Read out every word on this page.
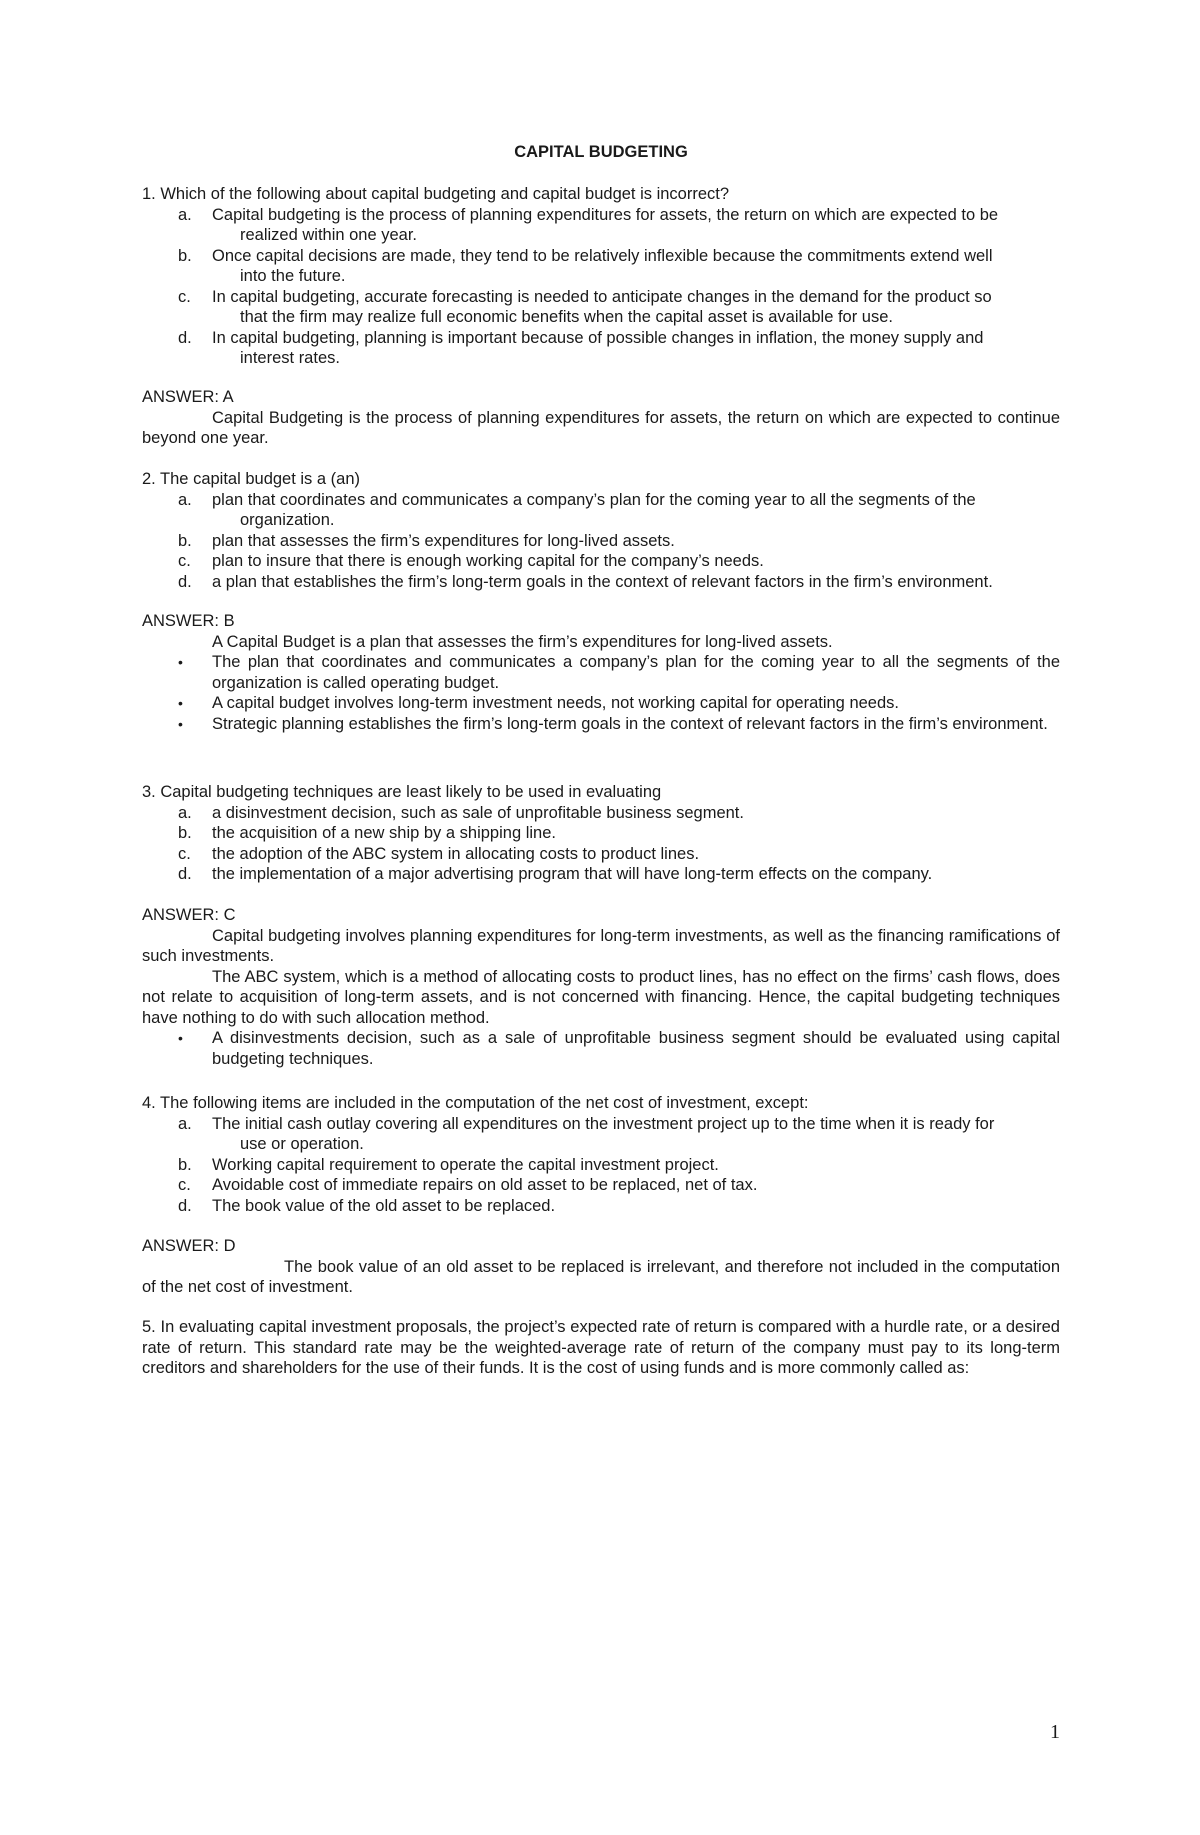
CAPITAL BUDGETING

1. Which of the following about capital budgeting and capital budget is incorrect?

a. Capital budgeting is the process of planning expenditures for assets, the return on which are expected to be
realized within one year.
b. Once capital decisions are made, they tend to be relatively inflexible because the commitments extend well
into the future.
c. In capital budgeting, accurate forecasting is needed to anticipate changes in the demand for the product so
that the firm may realize full economic benefits when the capital asset is available for use.
d. In capital budgeting, planning is important because of possible changes in inflation, the money supply and
interest rates.

ANSWER: A

Capital Budgeting is the process of planning expenditures for assets, the return on which are expected to continue beyond one year.

2. The capital budget is a (an)

a. plan that coordinates and communicates a company’s plan for the coming year to all the segments of the
organization.
b. plan that assesses the firm’s expenditures for long-lived assets.
c. plan to insure that there is enough working capital for the company’s needs.
d. a plan that establishes the firm’s long-term goals in the context of relevant factors in the firm’s environment.

ANSWER: B

A Capital Budget is a plan that assesses the firm’s expenditures for long-lived assets.

• The plan that coordinates and communicates a company’s plan for the coming year to all the segments of the organization is called operating budget.

• A capital budget involves long-term investment needs, not working capital for operating needs.

• Strategic planning establishes the firm’s long-term goals in the context of relevant factors in the firm’s environment.

3. Capital budgeting techniques are least likely to be used in evaluating

a. a disinvestment decision, such as sale of unprofitable business segment.
b. the acquisition of a new ship by a shipping line.
c. the adoption of the ABC system in allocating costs to product lines.
d. the implementation of a major advertising program that will have long-term effects on the company.

ANSWER: C

Capital budgeting involves planning expenditures for long-term investments, as well as the financing ramifications of such investments.

The ABC system, which is a method of allocating costs to product lines, has no effect on the firms’ cash flows, does not relate to acquisition of long-term assets, and is not concerned with financing. Hence, the capital budgeting techniques have nothing to do with such allocation method.

• A disinvestments decision, such as a sale of unprofitable business segment should be evaluated using capital budgeting techniques.

4. The following items are included in the computation of the net cost of investment, except:

a. The initial cash outlay covering all expenditures on the investment project up to the time when it is ready for
use or operation.
b. Working capital requirement to operate the capital investment project.
c. Avoidable cost of immediate repairs on old asset to be replaced, net of tax.
d. The book value of the old asset to be replaced.

ANSWER: D

The book value of an old asset to be replaced is irrelevant, and therefore not included in the computation of the net cost of investment.

5. In evaluating capital investment proposals, the project’s expected rate of return is compared with a hurdle rate, or a desired rate of return. This standard rate may be the weighted-average rate of return of the company must pay to its long-term creditors and shareholders for the use of their funds. It is the cost of using funds and is more commonly called as:

1
